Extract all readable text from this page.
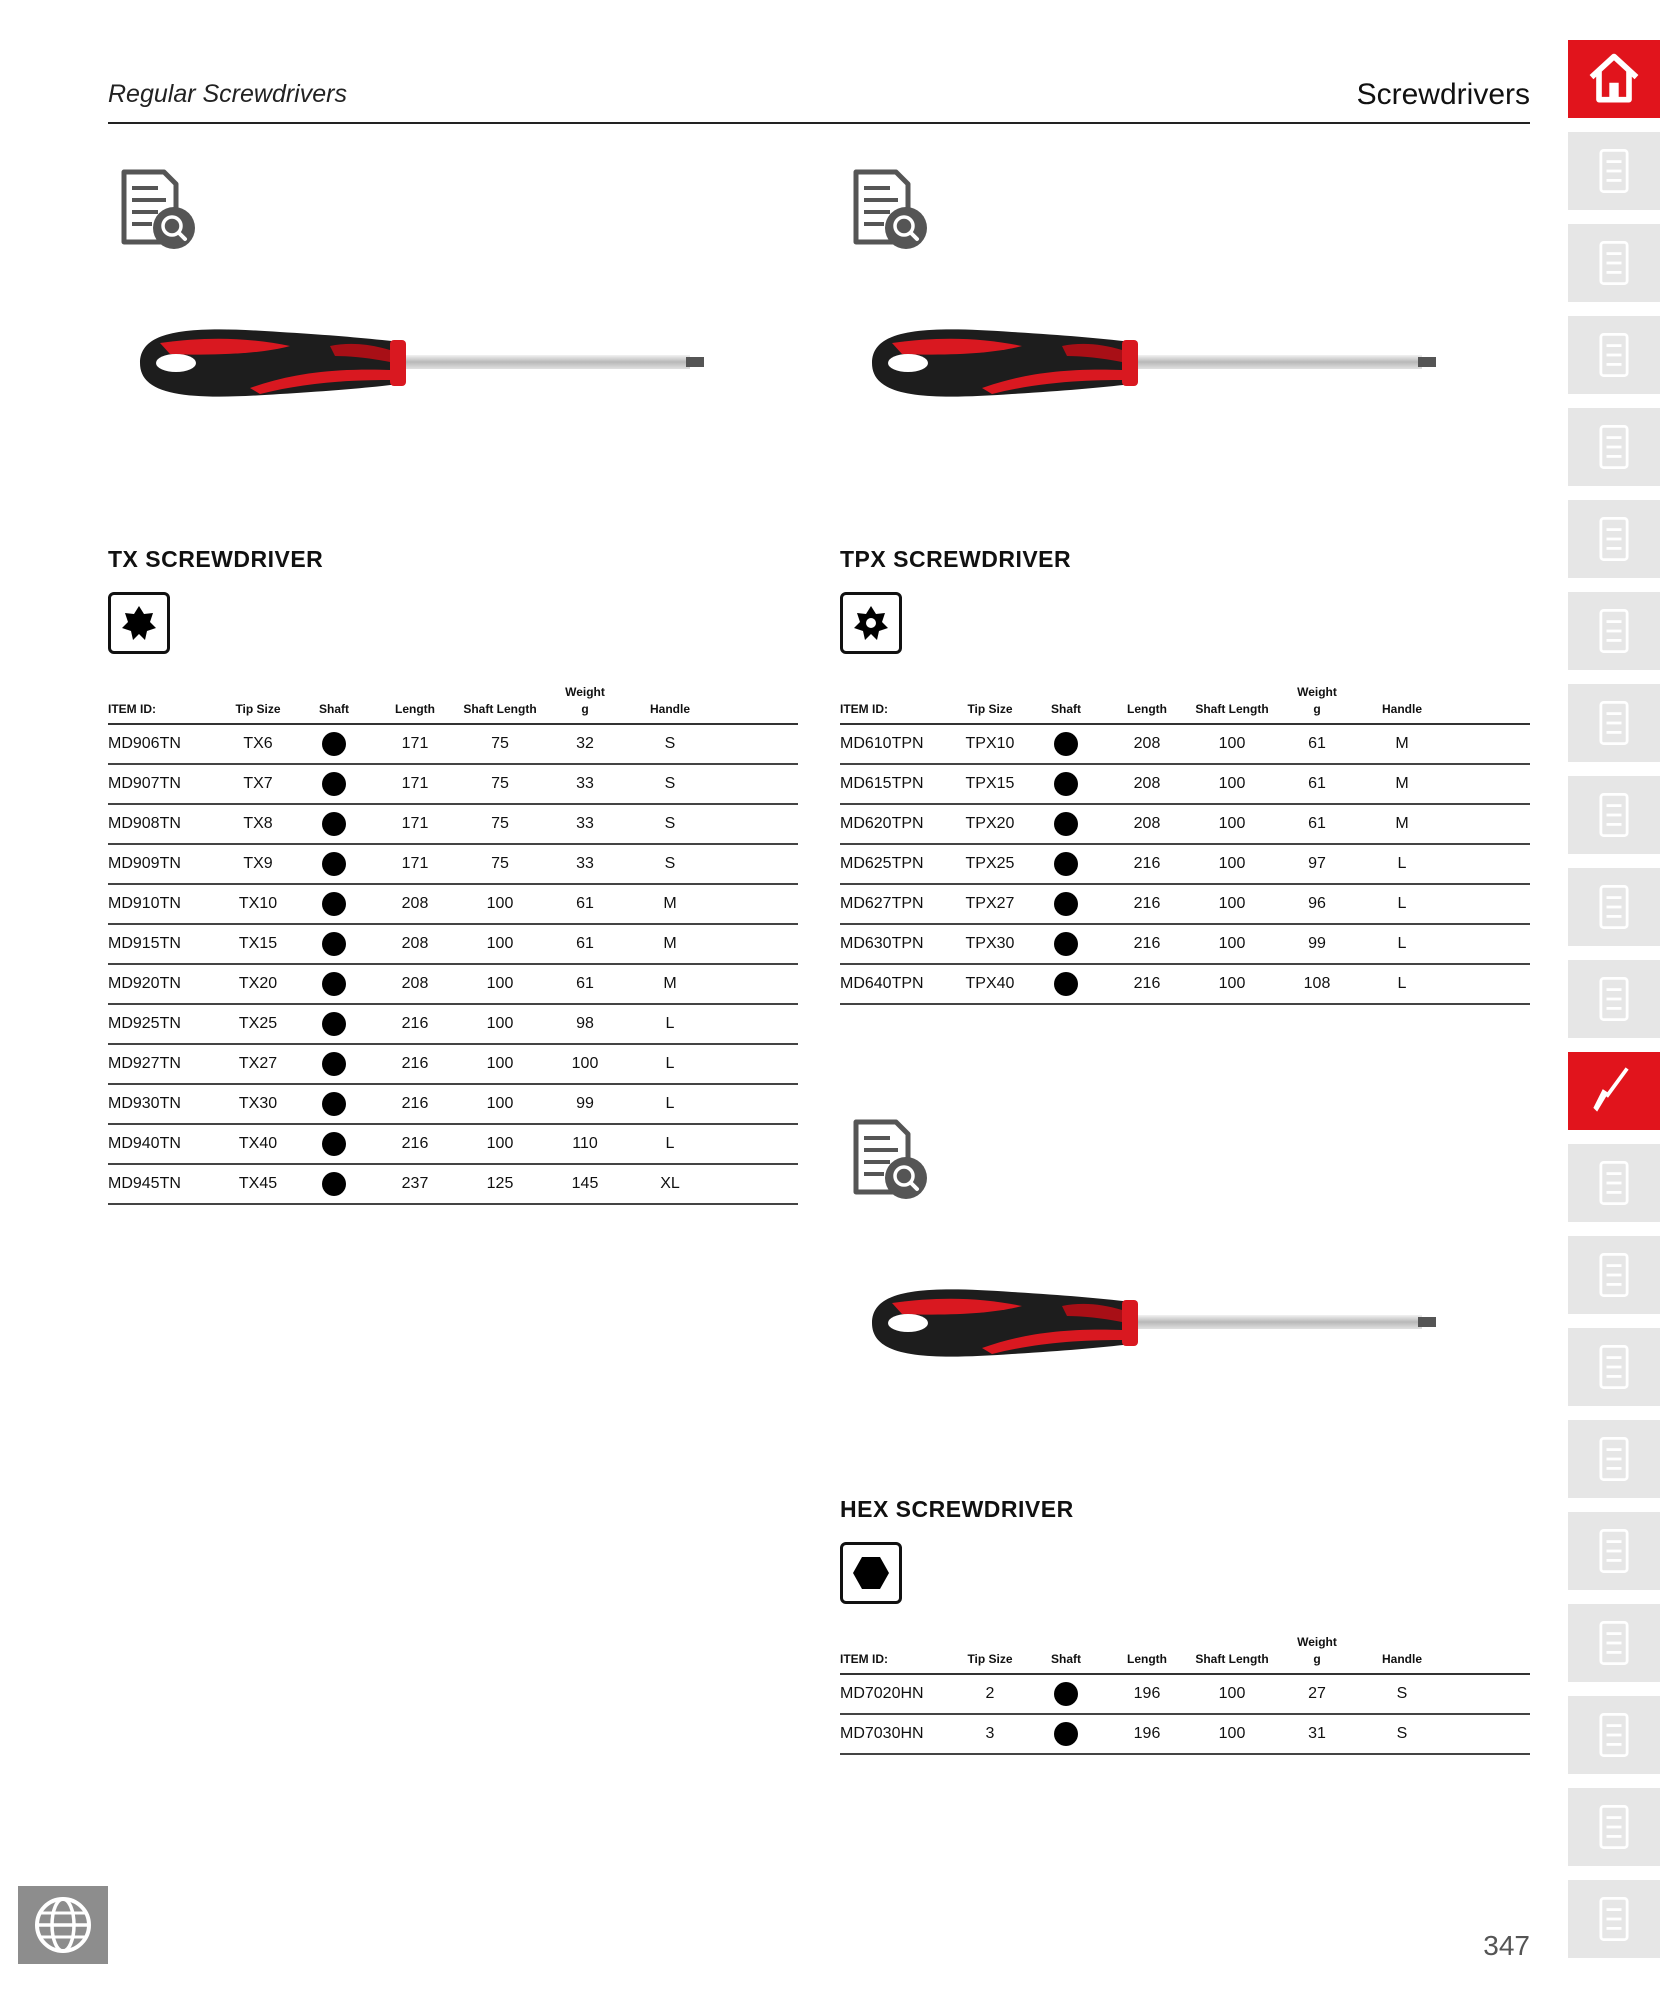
Regular Screwdrivers	Screwdrivers
TX SCREWDRIVER
ITEM ID:	Tip Size	Shaft	Length	Shaft Length	Weight
g	Handle	
MD906TN	TX6		171	75	32	S	
MD907TN	TX7		171	75	33	S	
MD908TN	TX8		171	75	33	S	
MD909TN	TX9		171	75	33	S	
MD910TN	TX10		208	100	61	M	
MD915TN	TX15		208	100	61	M	
MD920TN	TX20		208	100	61	M	
MD925TN	TX25		216	100	98	L	
MD927TN	TX27		216	100	100	L	
MD930TN	TX30		216	100	99	L	
MD940TN	TX40		216	100	110	L	
MD945TN	TX45		237	125	145	XL	
TPX SCREWDRIVER
ITEM ID:	Tip Size	Shaft	Length	Shaft Length	Weight
g	Handle	
MD610TPN	TPX10		208	100	61	M	
MD615TPN	TPX15		208	100	61	M	
MD620TPN	TPX20		208	100	61	M	
MD625TPN	TPX25		216	100	97	L	
MD627TPN	TPX27		216	100	96	L	
MD630TPN	TPX30		216	100	99	L	
MD640TPN	TPX40		216	100	108	L	
HEX SCREWDRIVER
ITEM ID:	Tip Size	Shaft	Length	Shaft Length	Weight
g	Handle	
MD7020HN	2		196	100	27	S	
MD7030HN	3		196	100	31	S	
347
